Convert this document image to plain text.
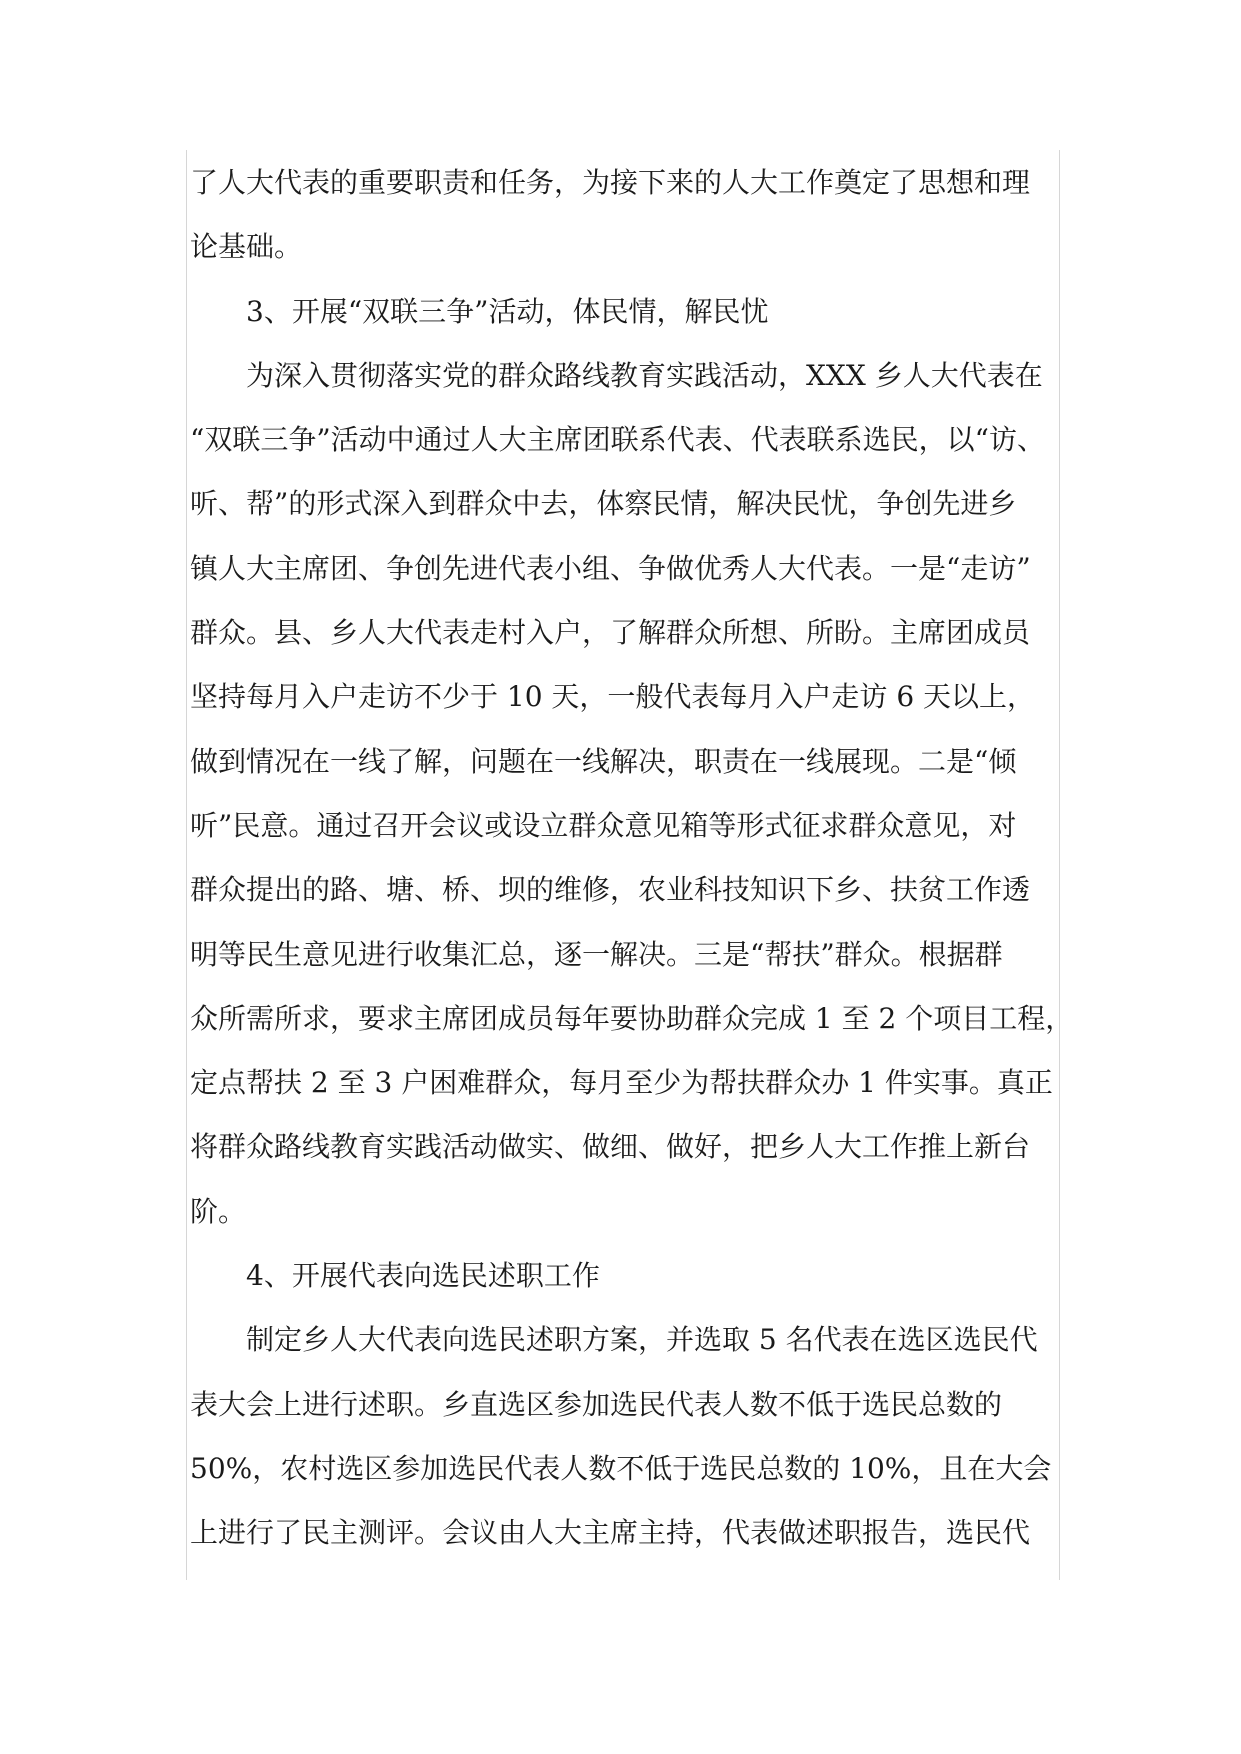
了人大代表的重要职责和任务，为接下来的人大工作奠定了思想和理
论基础。
3、开展“双联三争”活动，体民情，解民忧
为深入贯彻落实党的群众路线教育实践活动，XXX 乡人大代表在
“双联三争”活动中通过人大主席团联系代表、代表联系选民，以“访、
听、帮”的形式深入到群众中去，体察民情，解决民忧，争创先进乡
镇人大主席团、争创先进代表小组、争做优秀人大代表。一是“走访”
群众。县、乡人大代表走村入户，了解群众所想、所盼。主席团成员
坚持每月入户走访不少于 10 天，一般代表每月入户走访 6 天以上，
做到情况在一线了解，问题在一线解决，职责在一线展现。二是“倾
听”民意。通过召开会议或设立群众意见箱等形式征求群众意见，对
群众提出的路、塘、桥、坝的维修，农业科技知识下乡、扶贫工作透
明等民生意见进行收集汇总，逐一解决。三是“帮扶”群众。根据群
众所需所求，要求主席团成员每年要协助群众完成 1 至 2 个项目工程，
定点帮扶 2 至 3 户困难群众，每月至少为帮扶群众办 1 件实事。真正
将群众路线教育实践活动做实、做细、做好，把乡人大工作推上新台
阶。
4、开展代表向选民述职工作
制定乡人大代表向选民述职方案，并选取 5 名代表在选区选民代
表大会上进行述职。乡直选区参加选民代表人数不低于选民总数的
50%，农村选区参加选民代表人数不低于选民总数的 10%，且在大会
上进行了民主测评。会议由人大主席主持，代表做述职报告，选民代
